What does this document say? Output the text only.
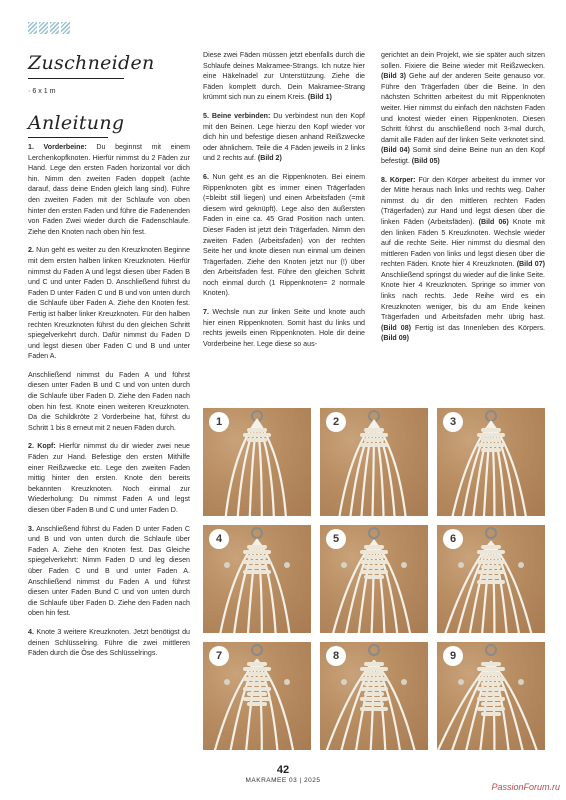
Zuschneiden
· 6 x 1 m
Anleitung

1. Vorderbeine: Du beginnst mit einem Lerchenkopfknoten. Hierfür nimmst du 2 Fäden zur Hand. Lege den ersten Faden horizontal vor dich hin. Nimm den zweiten Faden doppelt (achte darauf, dass deine Enden gleich lang sind). Führe den zweiten Faden mit der Schlaufe von oben hinter den ersten Faden und führe die Fadenenden von Faden Zwei wieder durch die Fadenschlaufe. Ziehe den Knoten nach oben hin fest.

2. Nun geht es weiter zu den Kreuzknoten Beginne mit dem ersten halben linken Kreuzknoten. Hierfür nimmst du Faden A und legst diesen über Faden B und C und unter Faden D. Anschließend führst du Faden D unter Faden C und B und von unten durch die Schlaufe über Faden A. Ziehe den Knoten fest. Fertig ist halber linker Kreuzknoten. Für den halben rechten Kreuzknoten führst du den gleichen Schritt spiegelverkehrt durch. Dafür nimmst du Faden D und legst diesen über Faden C und B und unter Faden A.

Anschließend nimmst du Faden A und führst diesen unter Faden B und C und von unten durch die Schlaufe über Faden D. Ziehe den Faden nach oben hin fest. Knote einen weiteren Kreuzknoten. Da die Schildkröte 2 Vorderbeine hat, führst du Schritt 1 bis 8 erneut mit 2 neuen Fäden durch.

2. Kopf: Hierfür nimmst du dir wieder zwei neue Fäden zur Hand. Befestige den ersten Mithilfe einer Reißzwecke etc. Lege den zweiten Faden mittig hinter den ersten. Knote den bereits bekannten Kreuzknoten. Noch einmal zur Wiederholung: Du nimmst Faden A und legst diesen über Faden B und C und unter Faden D.

3. Anschließend führst du Faden D unter Faden C und B und von unten durch die Schlaufe über Faden A. Ziehe den Knoten fest. Das Gleiche spiegelverkehrt: Nimm Faden D und leg diesen über Faden C und B und unter Faden A. Anschließend nimmst du Faden A und führst diesen unter Faden Bund C und von unten durch die Schlaufe über Faden D. Ziehe den Faden nach oben hin fest.

4. Knote 3 weitere Kreuzknoten. Jetzt benötigst du deinen Schlüsselring. Führe die zwei mittleren Fäden durch die Öse des Schlüsselrings.

Diese zwei Fäden müssen jetzt ebenfalls durch die Schlaufe deines Makramee-Strangs. Ich nutze hier eine Häkelnadel zur Unterstützung. Ziehe die Fäden komplett durch. Dein Makramee-Strang krümmt sich nun zu einem Kreis. (Bild 1)

5. Beine verbinden: Du verbindest nun den Kopf mit den Beinen. Lege hierzu den Kopf wieder vor dich hin und befestige diesen anhand Reißzwecke oder ähnlichem. Teile die 4 Fäden jeweils in 2 links und 2 rechts auf. (Bild 2)

6. Nun geht es an die Rippenknoten. Bei einem Rippenknoten gibt es immer einen Trägerfaden (=bleibt still liegen) und einen Arbeitsfaden (=mit diesem wird geknüpft). Lege also den äußersten Faden in eine ca. 45 Grad Position nach unten. Dieser Faden ist jetzt dein Trägerfaden. Nimm den zweiten Faden (Arbeitsfaden) von der rechten Seite her und knote diesen nun einmal um deinen Trägerfaden. Ziehe den Knoten jetzt nur (!) über den Arbeitsfaden fest. Führe den gleichen Schritt noch einmal durch (1 Rippenknoten= 2 normale Knoten).

7. Wechsle nun zur linken Seite und knote auch hier einen Rippenknoten. Somit hast du links und rechts jeweils einen Rippenknoten. Hole dir deine Vorderbeine her. Lege diese so aus-

gerichtet an dein Projekt, wie sie später auch sitzen sollen. Fixiere die Beine wieder mit Reißzwecken. (Bild 3) Gehe auf der anderen Seite genauso vor. Führe den Trägerfaden über die Beine. In den nächsten Schritten arbeitest du mit Rippenknoten weiter. Hier nimmst du einfach den nächsten Faden und knotest wieder einen Rippenknoten. Diesen Schritt führst du anschließend noch 3-mal durch, damit alle Fäden auf der linken Seite verknotet sind. (Bild 04) Somit sind deine Beine nun an den Kopf befestigt. (Bild 05)

8. Körper: Für den Körper arbeitest du immer vor der Mitte heraus nach links und rechts weg. Daher nimmst du dir den mittleren rechten Faden (Trägerfaden) zur Hand und legst diesen über die linken Fäden (Arbeitsfäden). (Bild 06) Knote mit den linken Fäden 5 Kreuzknoten. Wechsle wieder auf die rechte Seite. Hier nimmst du diesmal den mittleren Faden von links und legst diesen über die rechten Fäden. Knote hier 4 Kreuzknoten. (Bild 07) Anschließend springst du wieder auf die linke Seite. Knote hier 4 Kreuzknoten. Springe so immer von links nach rechts. Jede Reihe wird es ein Kreuzknoten weniger, bis du am Ende keinen Trägerfaden und Arbeitsfaden mehr übrig hast. (Bild 08) Fertig ist das Innenleben des Körpers. (Bild 09)

1	2	3
4	5	6
7	8	9
42
MAKRAMEE 03 | 2025
PassionForum.ru
